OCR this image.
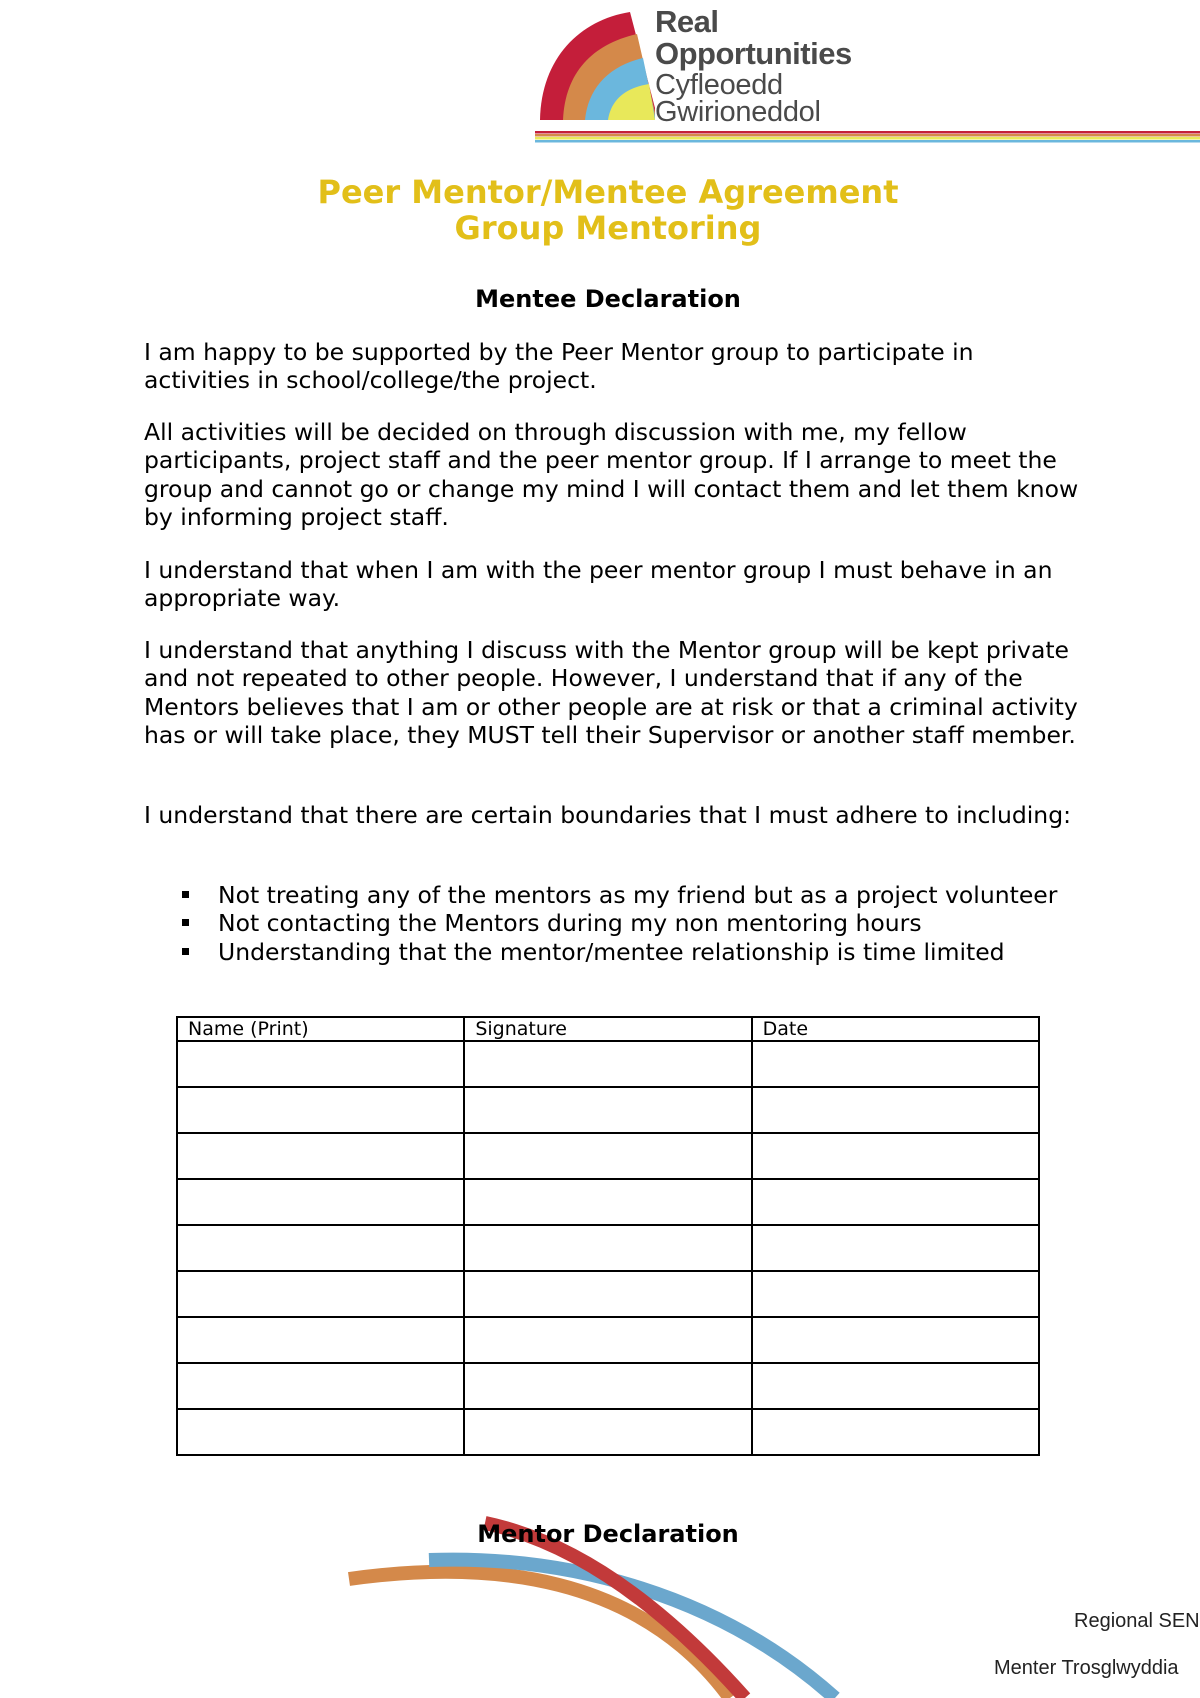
Real
Opportunities
Cyfleoedd
Gwirioneddol
Peer Mentor/Mentee Agreement
Group Mentoring
Mentee Declaration

I am happy to be supported by the Peer Mentor group to participate in activities in school/college/the project.

All activities will be decided on through discussion with me, my fellow participants, project staff and the peer mentor group. If I arrange to meet the group and cannot go or change my mind I will contact them and let them know by informing project staff.

I understand that when I am with the peer mentor group I must behave in an appropriate way.

I understand that anything I discuss with the Mentor group will be kept private and not repeated to other people. However, I understand that if any of the Mentors believes that I am or other people are at risk or that a criminal activity has or will take place, they MUST tell their Supervisor or another staff member.

I understand that there are certain boundaries that I must adhere to including:

Not treating any of the mentors as my friend but as a project volunteer
Not contacting the Mentors during my non mentoring hours
Understanding that the mentor/mentee relationship is time limited
Name (Print)	Signature	Date

Mentor Declaration
Regional SEN
Menter Trosglwyddia
